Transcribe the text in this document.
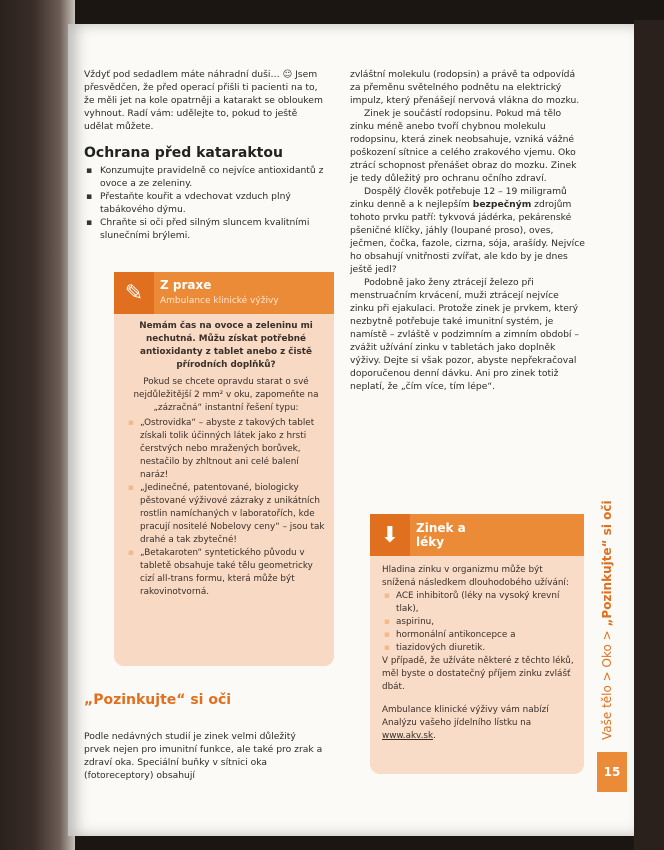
Vždyť pod sedadlem máte náhradní duši… ☺ Jsem přesvědčen, že před operací přišli ti pacienti na to, že měli jet na kole opatrněji a katarakt se obloukem vyhnout. Radí vám: udělejte to, pokud to ještě udělat můžete.

Ochrana před kataraktou
▪ Konzumujte pravidelně co nejvíce antioxidantů z ovoce a ze zeleniny.
▪ Přestaňte kouřit a vdechovat vzduch plný tabákového dýmu.
▪ Chraňte si oči před silným sluncem kvalitními slunečními brýlemi.
✎	Z praxe
Ambulance klinické výživy

Nemám čas na ovoce a zeleninu mi nechutná. Můžu získat potřebné antioxidanty z tablet anebo z čistě přírodních doplňků?

Pokud se chcete opravdu starat o své nejdůležitější 2 mm² v oku, zapomeňte na „zázračná“ instantní řešení typu:

▪ „Ostrovidka“ – abyste z takových tablet získali tolik účinných látek jako z hrsti čerstvých nebo mražených borůvek, nestačilo by zhltnout ani celé balení naráz!
▪ „Jedinečné, patentované, biologicky pěstované výživové zázraky z unikátních rostlin namíchaných v laboratořích, kde pracují nositelé Nobelovy ceny“ – jsou tak drahé a tak zbytečné!
▪ „Betakaroten“ syntetického původu v tabletě obsahuje také tělu geometricky cizí all-trans formu, která může být rakovinotvorná.
„Pozinkujte“ si oči

Podle nedávných studií je zinek velmi důležitý prvek nejen pro imunitní funkce, ale také pro zrak a zdraví oka. Speciální buňky v sítnici oka (fotoreceptory) obsahují

zvláštní molekulu (rodopsin) a právě ta odpovídá za přeměnu světelného podnětu na elektrický impulz, který přenášejí nervová vlákna do mozku.

Zinek je součástí rodopsinu. Pokud má tělo zinku méně anebo tvoří chybnou molekulu rodopsinu, která zinek neobsahuje, vzniká vážné poškození sítnice a celého zrakového vjemu. Oko ztrácí schopnost přenášet obraz do mozku. Zinek je tedy důležitý pro ochranu očního zdraví.

Dospělý člověk potřebuje 12 – 19 miligramů zinku denně a k nejlepším bezpečným zdrojům tohoto prvku patří: tykvová jádérka, pekárenské pšeničné klíčky, jáhly (loupané proso), oves, ječmen, čočka, fazole, cizrna, sója, arašídy. Nejvíce ho obsahují vnitřnosti zvířat, ale kdo by je dnes ještě jedl?

Podobně jako ženy ztrácejí železo při menstruačním krvácení, muži ztrácejí nejvíce zinku při ejakulaci. Protože zinek je prvkem, který nezbytně potřebuje také imunitní systém, je namístě – zvláště v podzimním a zimním období – zvážit užívání zinku v tabletách jako doplněk výživy. Dejte si však pozor, abyste nepřekračoval doporučenou denní dávku. Ani pro zinek totiž neplatí, že „čím více, tím lépe“.

⬇	Zinek a léky

Hladina zinku v organizmu může být snížená následkem dlouhodobého užívání:

▪ ACE inhibitorů (léky na vysoký krevní tlak),
▪ aspirinu,
▪ hormonální antikoncepce a
▪ tiazidových diuretik.

V případě, že užíváte některé z těchto léků, měl byste o dostatečný příjem zinku zvlášť dbát.

Ambulance klinické výživy vám nabízí Analýzu vašeho jídelního lístku na www.akv.sk.	Vaše tělo > Oko > „Pozinkujte“ si oči
15
